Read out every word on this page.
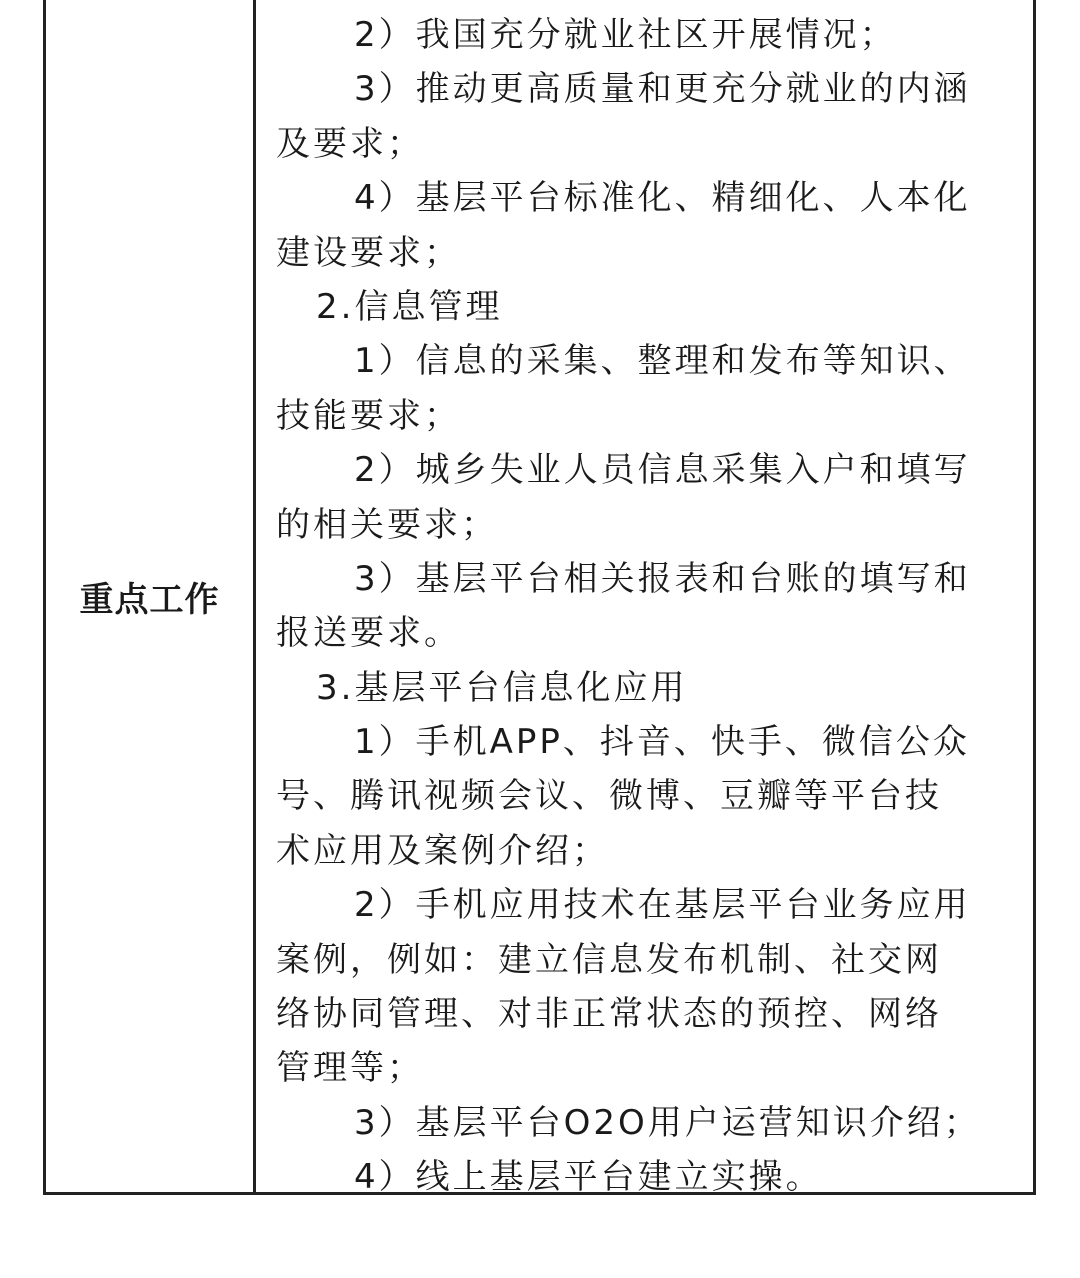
重点工作
2）我国充分就业社区开展情况；
3）推动更高质量和更充分就业的内涵
及要求；
4）基层平台标准化、精细化、人本化
建设要求；
2.信息管理
1）信息的采集、整理和发布等知识、
技能要求；
2）城乡失业人员信息采集入户和填写
的相关要求；
3）基层平台相关报表和台账的填写和
报送要求。
3.基层平台信息化应用
1）手机APP、抖音、快手、微信公众
号、腾讯视频会议、微博、豆瓣等平台技
术应用及案例介绍；
2）手机应用技术在基层平台业务应用
案例，例如：建立信息发布机制、社交网
络协同管理、对非正常状态的预控、网络
管理等；
3）基层平台O2O用户运营知识介绍；
4）线上基层平台建立实操。
